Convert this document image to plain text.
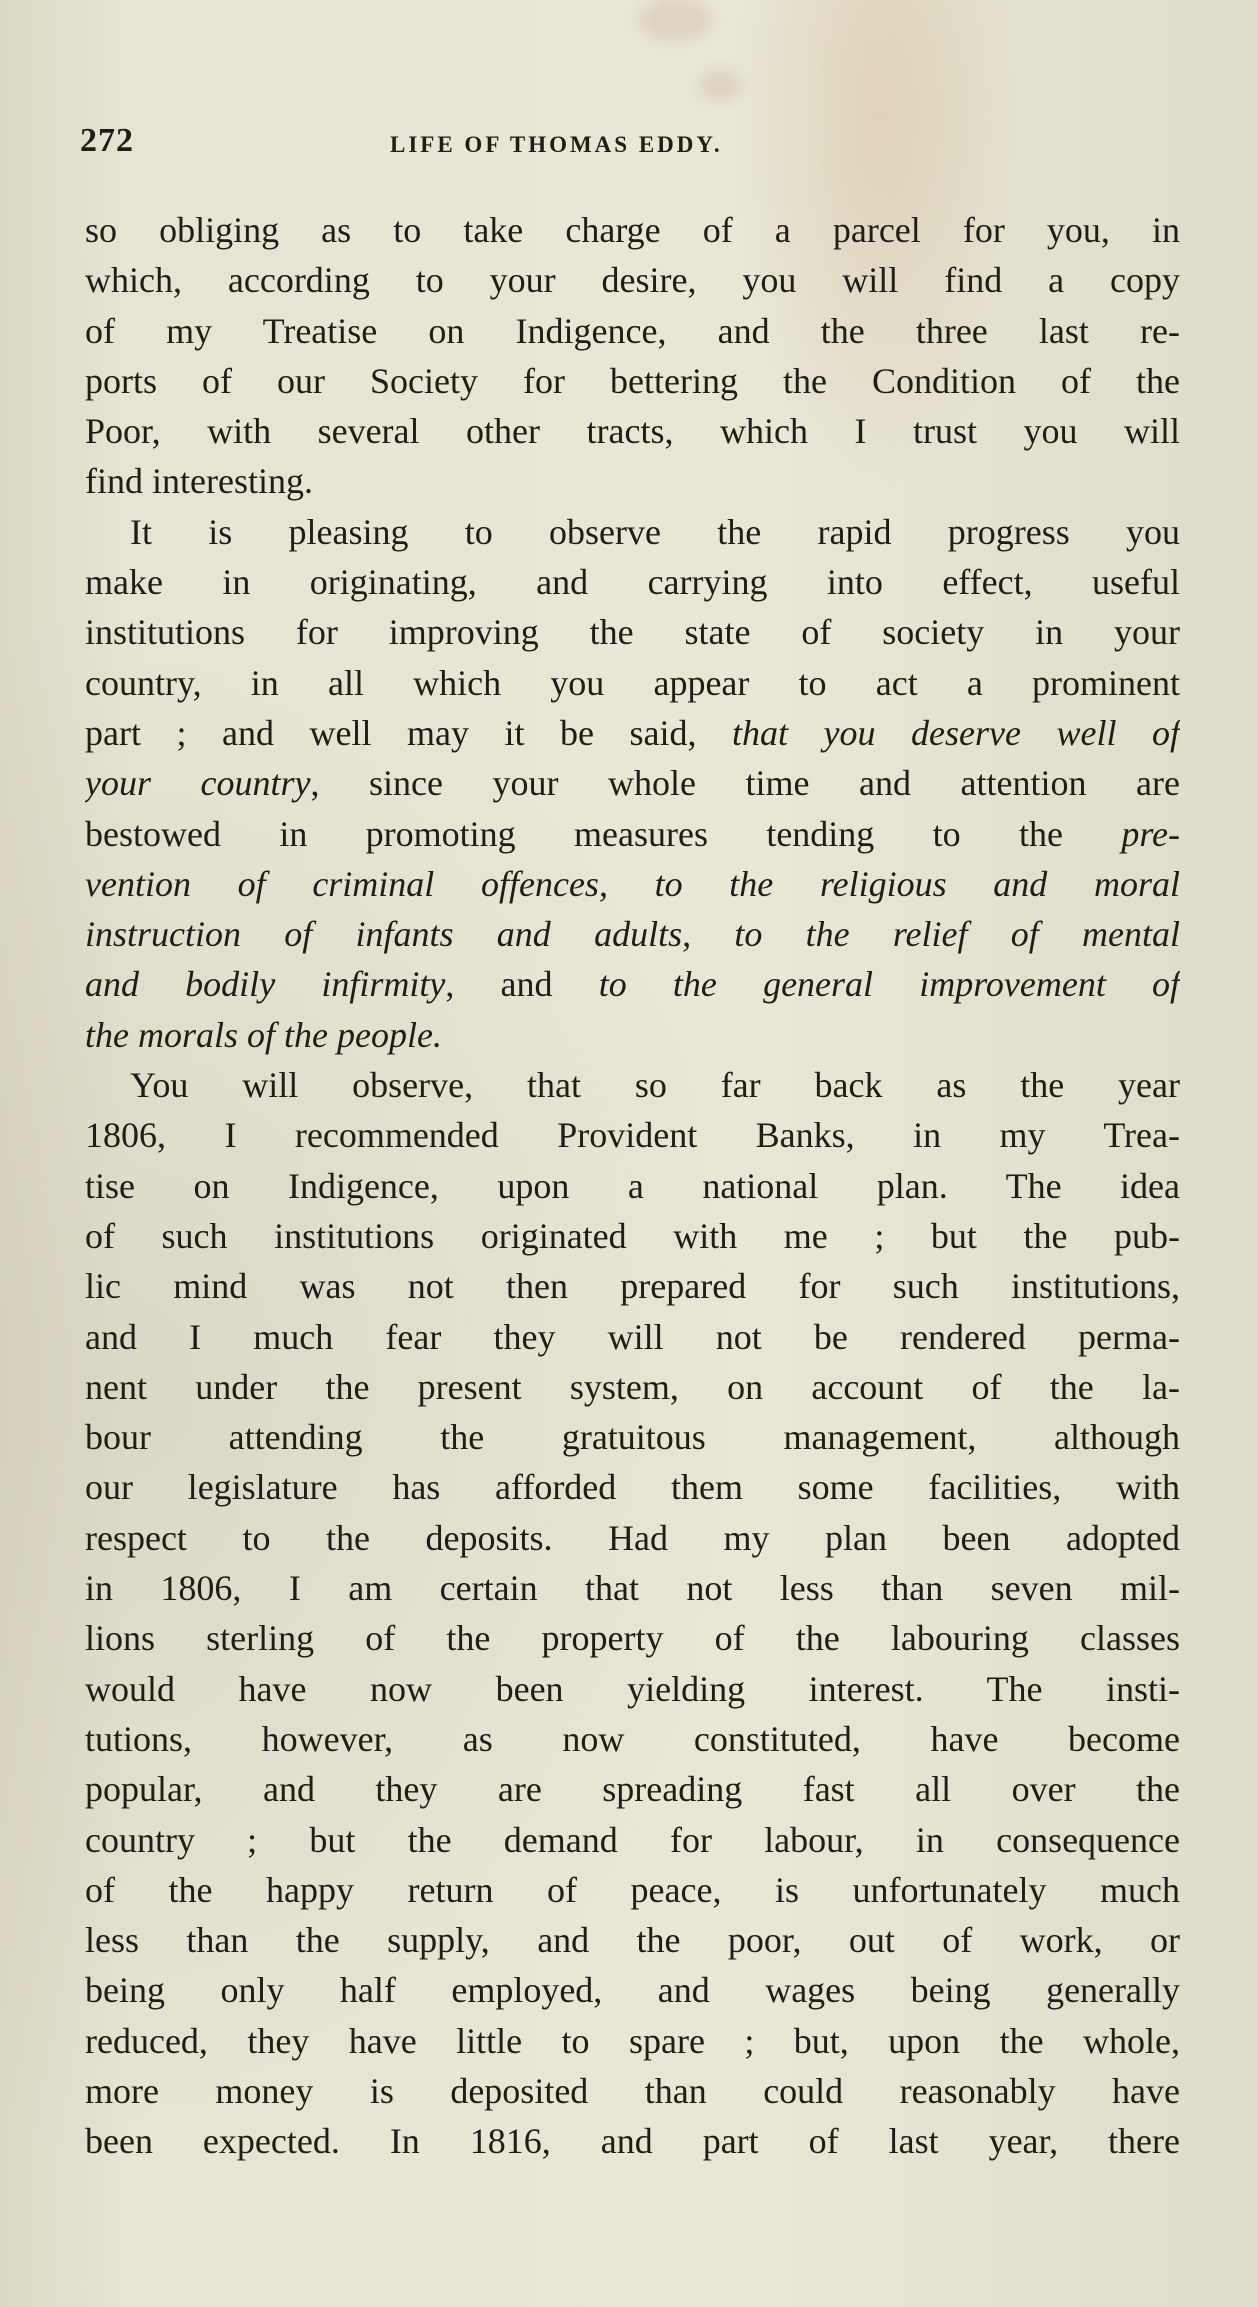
272	LIFE OF THOMAS EDDY.
so obliging as to take charge of a parcel for you, in
which, according to your desire, you will find a copy
of my Treatise on Indigence, and the three last re-
ports of our Society for bettering the Condition of the
Poor, with several other tracts, which I trust you will
find interesting.
It is pleasing to observe the rapid progress you
make in originating, and carrying into effect, useful
institutions for improving the state of society in your
country, in all which you appear to act a prominent
part ; and well may it be said, that you deserve well of
your country, since your whole time and attention are
bestowed in promoting measures tending to the pre-
vention of criminal offences, to the religious and moral
instruction of infants and adults, to the relief of mental
and bodily infirmity, and to the general improvement of
the morals of the people.
You will observe, that so far back as the year
1806, I recommended Provident Banks, in my Trea-
tise on Indigence, upon a national plan. The idea
of such institutions originated with me ; but the pub-
lic mind was not then prepared for such institutions,
and I much fear they will not be rendered perma-
nent under the present system, on account of the la-
bour attending the gratuitous management, although
our legislature has afforded them some facilities, with
respect to the deposits. Had my plan been adopted
in 1806, I am certain that not less than seven mil-
lions sterling of the property of the labouring classes
would have now been yielding interest. The insti-
tutions, however, as now constituted, have become
popular, and they are spreading fast all over the
country ; but the demand for labour, in consequence
of the happy return of peace, is unfortunately much
less than the supply, and the poor, out of work, or
being only half employed, and wages being generally
reduced, they have little to spare ; but, upon the whole,
more money is deposited than could reasonably have
been expected. In 1816, and part of last year, there
